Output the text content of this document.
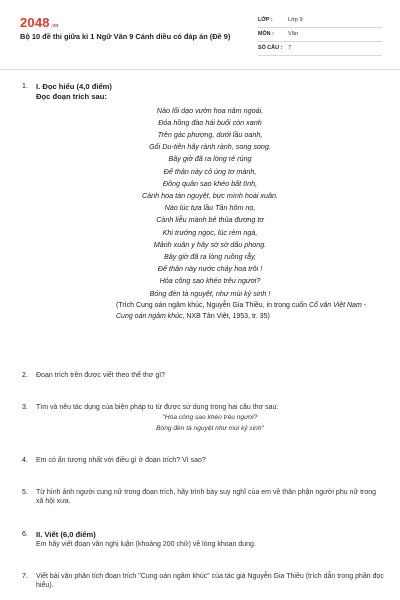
2048.vn
Bộ 10 đề thi giữa kì 1 Ngữ Văn 9 Cánh diều có đáp án (Đề 9)
LỚP :	Lớp 9
MÔN :	Văn
SỐ CÂU :	7
1. I. Đọc hiểu (4,0 điểm)
Đọc đoạn trích sau:
Nào lối dạo vườn hoa năm ngoái,
Đóa hồng đào hái buổi còn xanh
Trên gác phượng, dưới lầu oanh,
Gối Du-tiên hãy rành rành, song song.
Bây giờ đã ra lòng rẻ rúng
Để thân này cỏ úng tơ mành,
Đông quân sao khéo bất tình,
Cành hoa tàn nguyệt, bực mình hoài xuân.
Nào lúc tựa lầu Tần hôm nọ,
Cành liễu mành bẻ thủa đương tơ
Khi trướng ngọc, lúc rèm ngà,
Mảnh xuân y hãy sờ sờ dấu phong.
Bây giờ đã ra lòng ruồng rẫy,
Để thân này nước chảy hoa trôi !
Hóa công sao khéo trêu ngươi?
Bóng đèn tà nguyệt, như mùi kỷ sinh !
(Trích Cung oán ngâm khúc, Nguyễn Gia Thiều, in trong cuốn Cổ văn Việt Nam - Cung oán ngâm khúc, NXB Tân Việt, 1953, tr. 35)
2. Đoạn trích trên được viết theo thể thơ gì?
3. Tìm và nêu tác dụng của biện pháp tu từ được sử dụng trong hai câu thơ sau:
"Hóa công sao khéo trêu ngươi?
Bóng đèn tà nguyệt như mùi kỷ sinh"
4. Em có ấn tượng nhất với điều gì ở đoạn trích? Vì sao?
5. Từ hình ảnh người cung nữ trong đoạn trích, hãy trình bày suy nghĩ của em về thân phận người phụ nữ trong xã hội xưa.
6. II. Viết (6,0 điểm)
Em hãy viết đoạn văn nghị luận (khoảng 200 chữ) về lòng khoan dung.
7. Viết bài văn phân tích đoạn trích "Cung oán ngâm khúc" của tác giả Nguyễn Gia Thiều (trích dẫn trong phần đọc hiểu).
